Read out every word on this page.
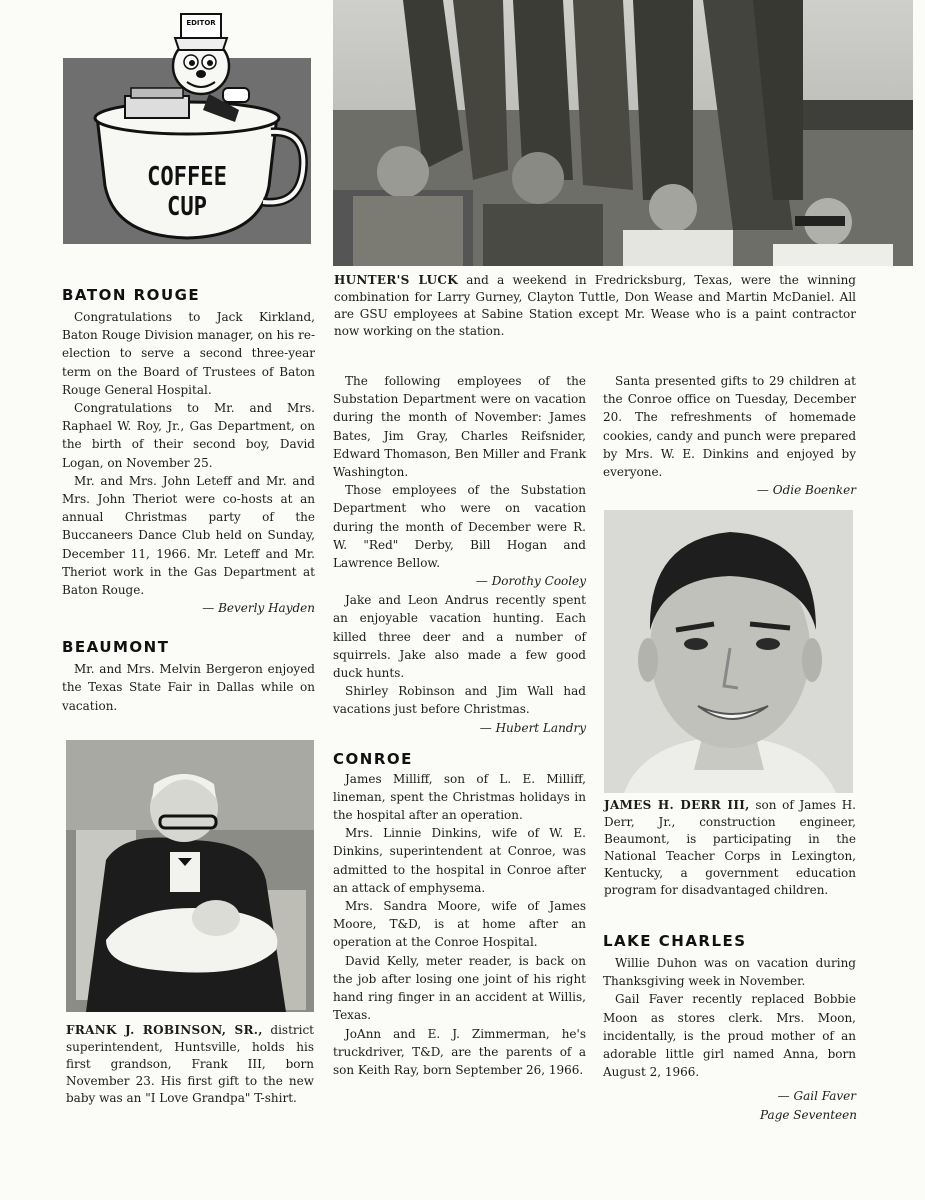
EDITOR
COFFEE
CUP
HUNTER'S LUCK and a weekend in Fredricksburg, Texas, were the winning combination for Larry Gurney, Clayton Tuttle, Don Wease and Martin McDaniel. All are GSU employees at Sabine Station except Mr. Wease who is a paint contractor now working on the station.
BATON ROUGE

Congratulations to Jack Kirkland, Baton Rouge Division manager, on his re-election to serve a second three-year term on the Board of Trustees of Baton Rouge General Hospital.

Congratulations to Mr. and Mrs. Raphael W. Roy, Jr., Gas Department, on the birth of their second boy, David Logan, on November 25.

Mr. and Mrs. John Leteff and Mr. and Mrs. John Theriot were co-hosts at an annual Christmas party of the Buccaneers Dance Club held on Sunday, December 11, 1966. Mr. Leteff and Mr. Theriot work in the Gas Department at Baton Rouge.

— Beverly Hayden
BEAUMONT

Mr. and Mrs. Melvin Bergeron enjoyed the Texas State Fair in Dallas while on vacation.

FRANK J. ROBINSON, SR., district superintendent, Huntsville, holds his first grandson, Frank III, born November 23. His first gift to the new baby was an "I Love Grandpa" T-shirt.

The following employees of the Substation Department were on vacation during the month of November: James Bates, Jim Gray, Charles Reifsnider, Edward Thomason, Ben Miller and Frank Washington.

Those employees of the Substation Department who were on vacation during the month of December were R. W. "Red" Derby, Bill Hogan and Lawrence Bellow.

— Dorothy Cooley

Jake and Leon Andrus recently spent an enjoyable vacation hunting. Each killed three deer and a number of squirrels. Jake also made a few good duck hunts.

Shirley Robinson and Jim Wall had vacations just before Christmas.

— Hubert Landry
CONROE

James Milliff, son of L. E. Milliff, lineman, spent the Christmas holidays in the hospital after an operation.

Mrs. Linnie Dinkins, wife of W. E. Dinkins, superintendent at Conroe, was admitted to the hospital in Conroe after an attack of emphysema.

Mrs. Sandra Moore, wife of James Moore, T&D, is at home after an operation at the Conroe Hospital.

David Kelly, meter reader, is back on the job after losing one joint of his right hand ring finger in an accident at Willis, Texas.

JoAnn and E. J. Zimmerman, he's truckdriver, T&D, are the parents of a son Keith Ray, born September 26, 1966.

Santa presented gifts to 29 children at the Conroe office on Tuesday, December 20. The refreshments of homemade cookies, candy and punch were prepared by Mrs. W. E. Dinkins and enjoyed by everyone.

— Odie Boenker
JAMES H. DERR III, son of James H. Derr, Jr., construction engineer, Beaumont, is participating in the National Teacher Corps in Lexington, Kentucky, a government education program for disadvantaged children.
LAKE CHARLES

Willie Duhon was on vacation during Thanksgiving week in November.

Gail Faver recently replaced Bobbie Moon as stores clerk. Mrs. Moon, incidentally, is the proud mother of an adorable little girl named Anna, born August 2, 1966.

— Gail Faver
Page Seventeen
